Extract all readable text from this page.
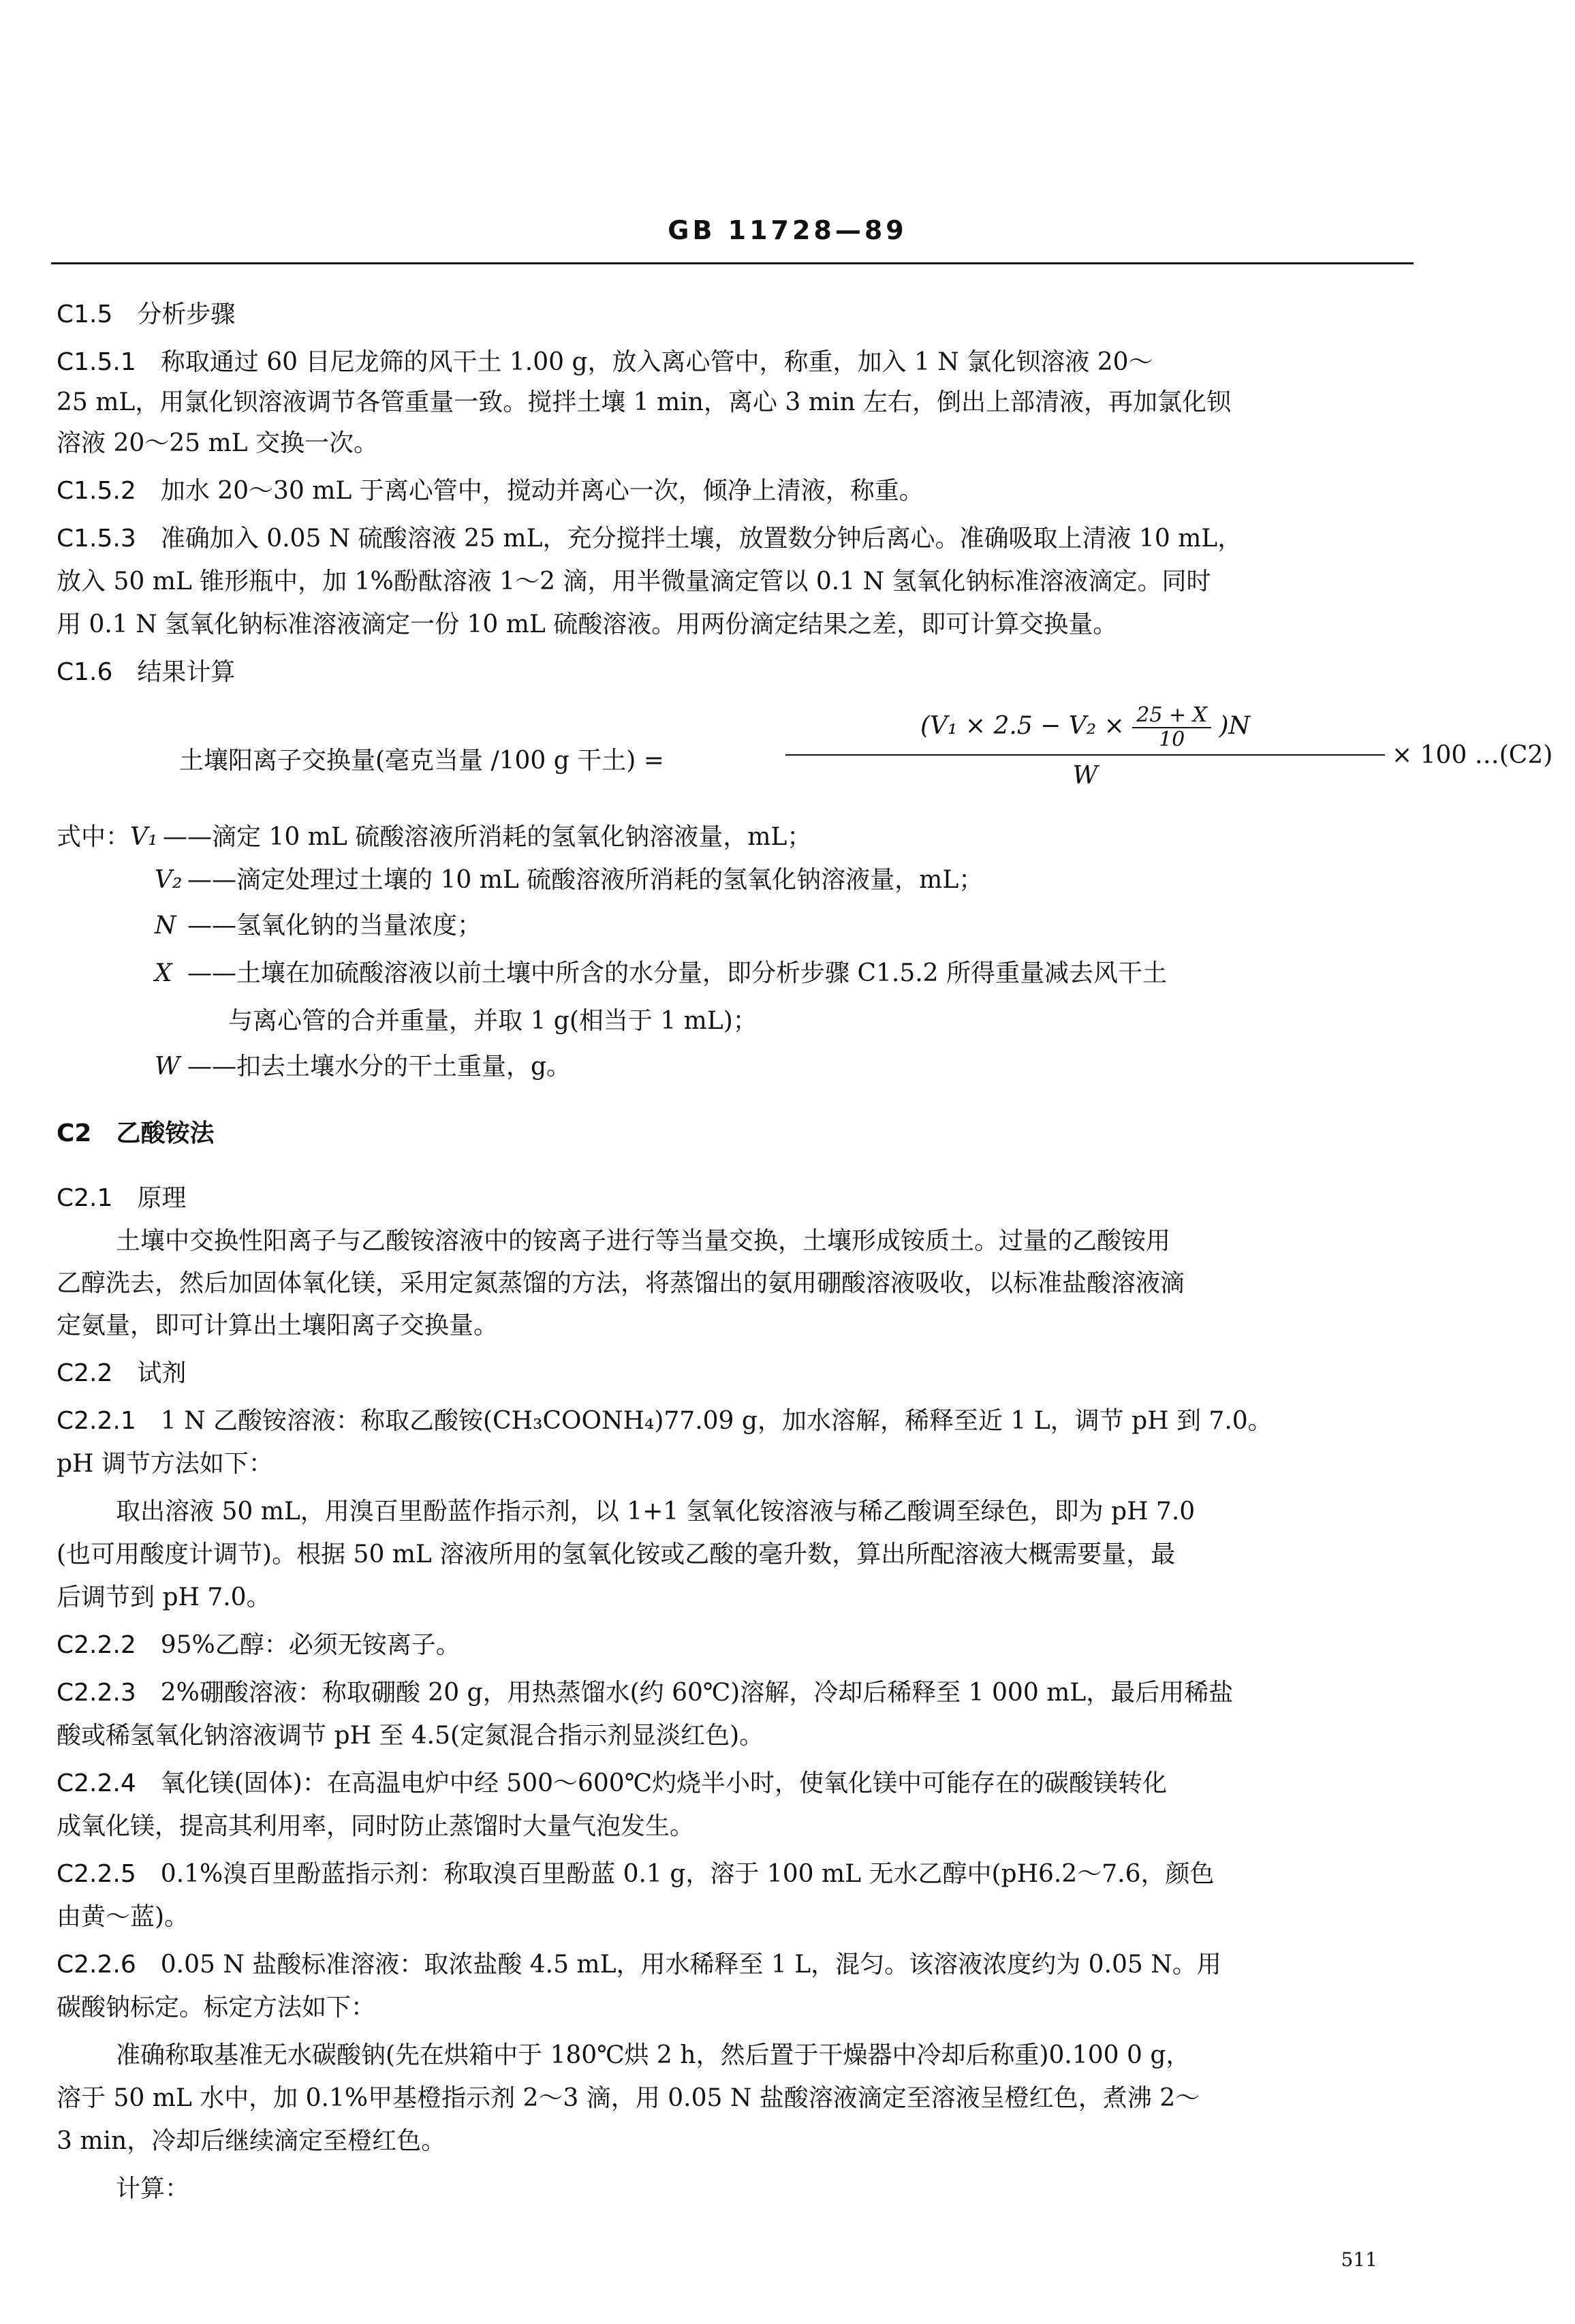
GB 11728—89
C1.5 分析步骤
C1.5.1 称取通过 60 目尼龙筛的风干土 1.00 g，放入离心管中，称重，加入 1 N 氯化钡溶液 20～
25 mL，用氯化钡溶液调节各管重量一致。搅拌土壤 1 min，离心 3 min 左右，倒出上部清液，再加氯化钡
溶液 20～25 mL 交换一次。
C1.5.2 加水 20～30 mL 于离心管中，搅动并离心一次，倾净上清液，称重。
C1.5.3 准确加入 0.05 N 硫酸溶液 25 mL，充分搅拌土壤，放置数分钟后离心。准确吸取上清液 10 mL，
放入 50 mL 锥形瓶中，加 1%酚酞溶液 1～2 滴，用半微量滴定管以 0.1 N 氢氧化钠标准溶液滴定。同时
用 0.1 N 氢氧化钠标准溶液滴定一份 10 mL 硫酸溶液。用两份滴定结果之差，即可计算交换量。
C1.6 结果计算
土壤阳离子交换量(毫克当量 /100 g 干土) =
$(V_1 \times 2.5 - V_2 \times \frac{25 + X}{10} )N$
W
× 100 …(C2)
式中：V₁ ——滴定 10 mL 硫酸溶液所消耗的氢氧化钠溶液量，mL；
V₂ ——滴定处理过土壤的 10 mL 硫酸溶液所消耗的氢氧化钠溶液量，mL；
N ——氢氧化钠的当量浓度；
X ——土壤在加硫酸溶液以前土壤中所含的水分量，即分析步骤 C1.5.2 所得重量减去风干土
与离心管的合并重量，并取 1 g(相当于 1 mL)；
W ——扣去土壤水分的干土重量，g。
C2 乙酸铵法
C2.1 原理
土壤中交换性阳离子与乙酸铵溶液中的铵离子进行等当量交换，土壤形成铵质土。过量的乙酸铵用
乙醇洗去，然后加固体氧化镁，采用定氮蒸馏的方法，将蒸馏出的氨用硼酸溶液吸收，以标准盐酸溶液滴
定氨量，即可计算出土壤阳离子交换量。
C2.2 试剂
C2.2.1 1 N 乙酸铵溶液：称取乙酸铵(CH₃COONH₄)77.09 g，加水溶解，稀释至近 1 L，调节 pH 到 7.0。
pH 调节方法如下：
取出溶液 50 mL，用溴百里酚蓝作指示剂，以 1+1 氢氧化铵溶液与稀乙酸调至绿色，即为 pH 7.0
(也可用酸度计调节)。根据 50 mL 溶液所用的氢氧化铵或乙酸的毫升数，算出所配溶液大概需要量，最
后调节到 pH 7.0。
C2.2.2 95%乙醇：必须无铵离子。
C2.2.3 2%硼酸溶液：称取硼酸 20 g，用热蒸馏水(约 60℃)溶解，冷却后稀释至 1 000 mL，最后用稀盐
酸或稀氢氧化钠溶液调节 pH 至 4.5(定氮混合指示剂显淡红色)。
C2.2.4 氧化镁(固体)：在高温电炉中经 500～600℃灼烧半小时，使氧化镁中可能存在的碳酸镁转化
成氧化镁，提高其利用率，同时防止蒸馏时大量气泡发生。
C2.2.5 0.1%溴百里酚蓝指示剂：称取溴百里酚蓝 0.1 g，溶于 100 mL 无水乙醇中(pH6.2～7.6，颜色
由黄～蓝)。
C2.2.6 0.05 N 盐酸标准溶液：取浓盐酸 4.5 mL，用水稀释至 1 L，混匀。该溶液浓度约为 0.05 N。用
碳酸钠标定。标定方法如下：
准确称取基准无水碳酸钠(先在烘箱中于 180℃烘 2 h，然后置于干燥器中冷却后称重)0.100 0 g，
溶于 50 mL 水中，加 0.1%甲基橙指示剂 2～3 滴，用 0.05 N 盐酸溶液滴定至溶液呈橙红色，煮沸 2～
3 min，冷却后继续滴定至橙红色。
计算：
511
